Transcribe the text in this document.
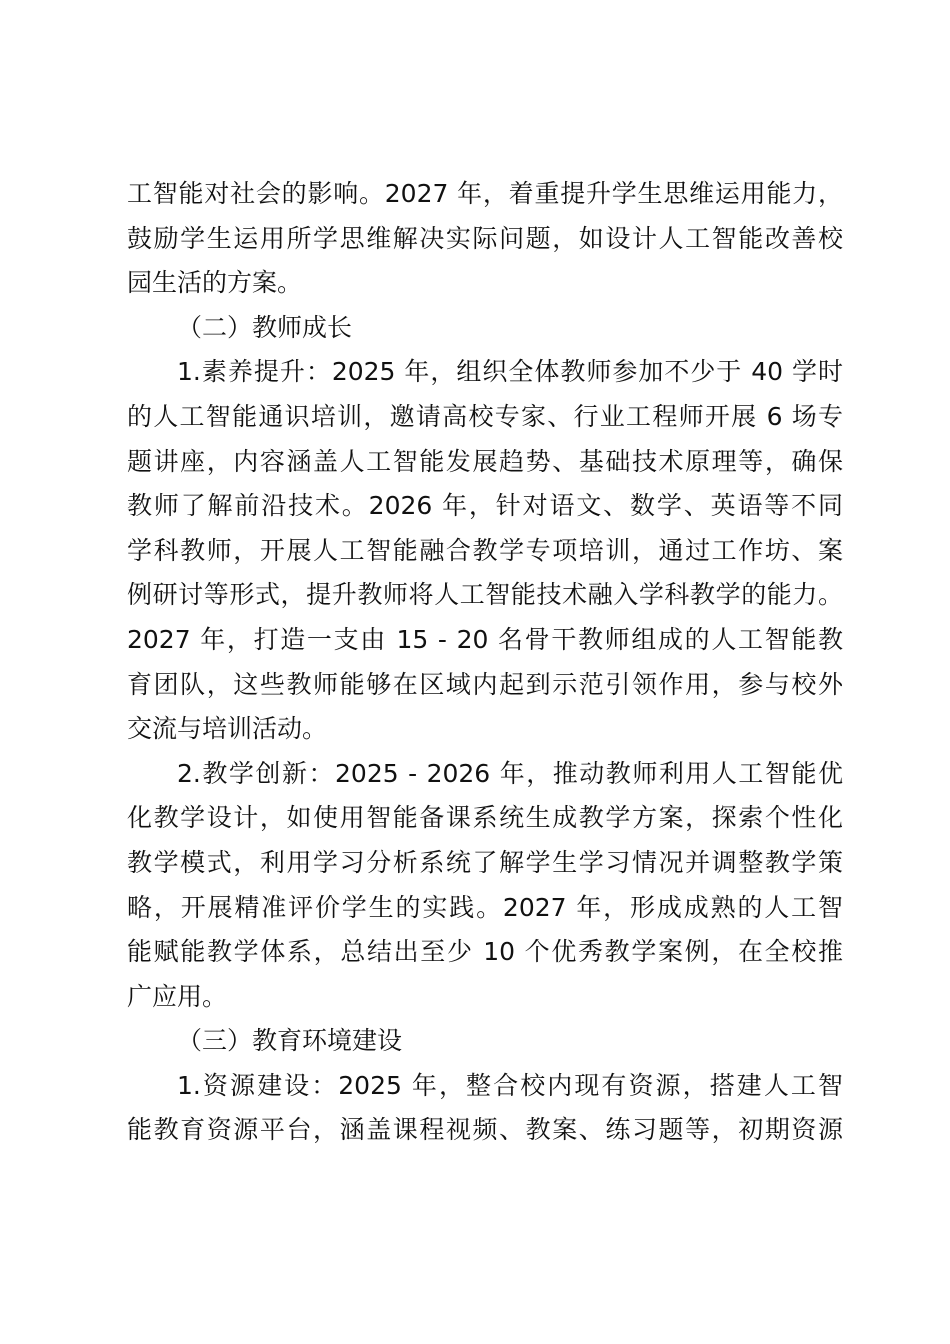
工智能对社会的影响。2027 年，着重提升学生思维运用能力，
鼓励学生运用所学思维解决实际问题，如设计人工智能改善校
园生活的方案。
（二）教师成长
1.素养提升：2025 年，组织全体教师参加不少于 40 学时
的人工智能通识培训，邀请高校专家、行业工程师开展 6 场专
题讲座，内容涵盖人工智能发展趋势、基础技术原理等，确保
教师了解前沿技术。2026 年，针对语文、数学、英语等不同
学科教师，开展人工智能融合教学专项培训，通过工作坊、案
例研讨等形式，提升教师将人工智能技术融入学科教学的能力。
2027 年，打造一支由 15 - 20 名骨干教师组成的人工智能教
育团队，这些教师能够在区域内起到示范引领作用，参与校外
交流与培训活动。
2.教学创新：2025 - 2026 年，推动教师利用人工智能优
化教学设计，如使用智能备课系统生成教学方案，探索个性化
教学模式，利用学习分析系统了解学生学习情况并调整教学策
略，开展精准评价学生的实践。2027 年，形成成熟的人工智
能赋能教学体系，总结出至少 10 个优秀教学案例，在全校推
广应用。
（三）教育环境建设
1.资源建设：2025 年，整合校内现有资源，搭建人工智
能教育资源平台，涵盖课程视频、教案、练习题等，初期资源
